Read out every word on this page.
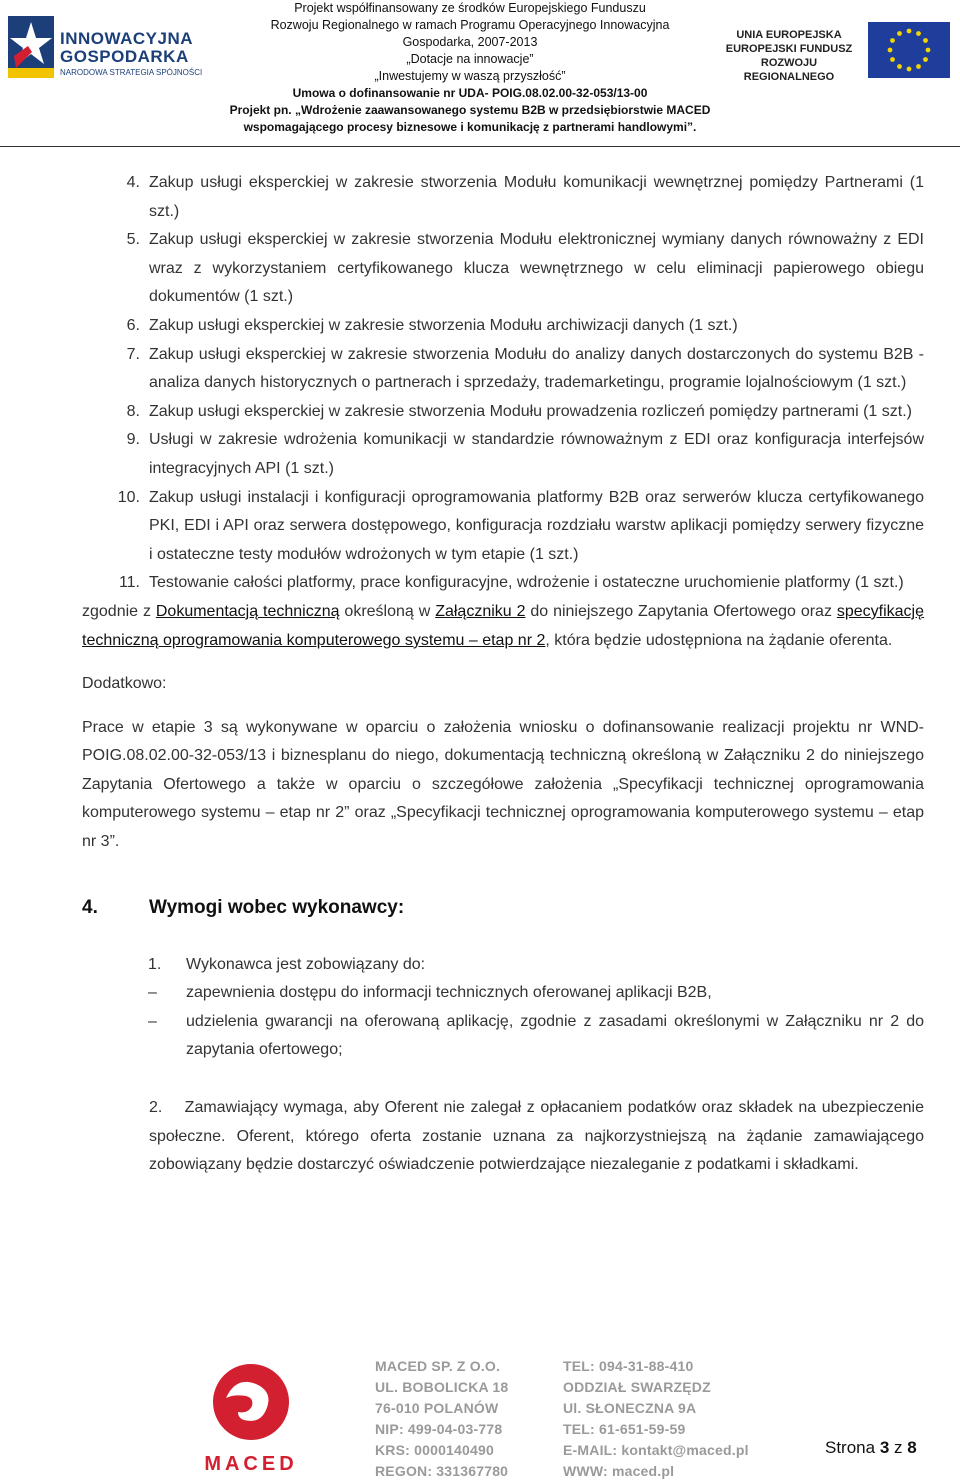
INNOWACYJNA
GOSPODARKA
NARODOWA STRATEGIA SPÓJNOŚCI
Projekt współfinansowany ze środków Europejskiego Funduszu
Rozwoju Regionalnego w ramach Programu Operacyjnego Innowacyjna
Gospodarka, 2007-2013
„Dotacje na innowacje”
„Inwestujemy w waszą przyszłość”
Umowa o dofinansowanie nr UDA- POIG.08.02.00-32-053/13-00
Projekt pn. „Wdrożenie zaawansowanego systemu B2B w przedsiębiorstwie MACED
wspomagającego procesy biznesowe i komunikację z partnerami handlowymi”.
UNIA EUROPEJSKA
EUROPEJSKI FUNDUSZ
ROZWOJU REGIONALNEGO
4. Zakup usługi eksperckiej w zakresie stworzenia Modułu komunikacji wewnętrznej pomiędzy Partnerami (1 szt.)
5. Zakup usługi eksperckiej w zakresie stworzenia Modułu elektronicznej wymiany danych równoważny z EDI wraz z wykorzystaniem certyfikowanego klucza wewnętrznego w celu eliminacji papierowego obiegu dokumentów (1 szt.)
6. Zakup usługi eksperckiej w zakresie stworzenia Modułu archiwizacji danych (1 szt.)
7. Zakup usługi eksperckiej w zakresie stworzenia Modułu do analizy danych dostarczonych do systemu B2B - analiza danych historycznych o partnerach i sprzedaży, trademarketingu, programie lojalnościowym (1 szt.)
8. Zakup usługi eksperckiej w zakresie stworzenia Modułu prowadzenia rozliczeń pomiędzy partnerami (1 szt.)
9. Usługi w zakresie wdrożenia komunikacji w standardzie równoważnym z EDI oraz konfiguracja interfejsów integracyjnych API (1 szt.)
10. Zakup usługi instalacji i konfiguracji oprogramowania platformy B2B oraz serwerów klucza certyfikowanego PKI, EDI i API oraz serwera dostępowego, konfiguracja rozdziału warstw aplikacji pomiędzy serwery fizyczne i ostateczne testy modułów wdrożonych w tym etapie (1 szt.)
11. Testowanie całości platformy, prace konfiguracyjne, wdrożenie i ostateczne uruchomienie platformy (1 szt.)

zgodnie z Dokumentacją techniczną określoną w Załączniku 2 do niniejszego Zapytania Ofertowego oraz specyfikację techniczną oprogramowania komputerowego systemu – etap nr 2, która będzie udostępniona na żądanie oferenta.

Dodatkowo:

Prace w etapie 3 są wykonywane w oparciu o założenia wniosku o dofinansowanie realizacji projektu nr WND-POIG.08.02.00-32-053/13 i biznesplanu do niego, dokumentacją techniczną określoną w Załączniku 2 do niniejszego Zapytania Ofertowego a także w oparciu o szczegółowe założenia „Specyfikacji technicznej oprogramowania komputerowego systemu – etap nr 2” oraz „Specyfikacji technicznej oprogramowania komputerowego systemu – etap nr 3”.

4.	Wymogi wobec wykonawcy:
1. Wykonawca jest zobowiązany do:
– zapewnienia dostępu do informacji technicznych oferowanej aplikacji B2B,
– udzielenia gwarancji na oferowaną aplikację, zgodnie z zasadami określonymi w Załączniku nr 2 do zapytania ofertowego;

2. Zamawiający wymaga, aby Oferent nie zalegał z opłacaniem podatków oraz składek na ubezpieczenie społeczne. Oferent, którego oferta zostanie uznana za najkorzystniejszą na żądanie zamawiającego zobowiązany będzie dostarczyć oświadczenie potwierdzające niezaleganie z podatkami i składkami.

MACED
MACED SP. Z O.O.
UL. BOBOLICKA 18
76-010 POLANÓW
NIP: 499-04-03-778
KRS: 0000140490
REGON: 331367780
TEL: 094-31-88-410
ODDZIAŁ SWARZĘDZ
Ul. SŁONECZNA 9A
TEL: 61-651-59-59
E-MAIL: kontakt@maced.pl
WWW: maced.pl
Strona 3 z 8
